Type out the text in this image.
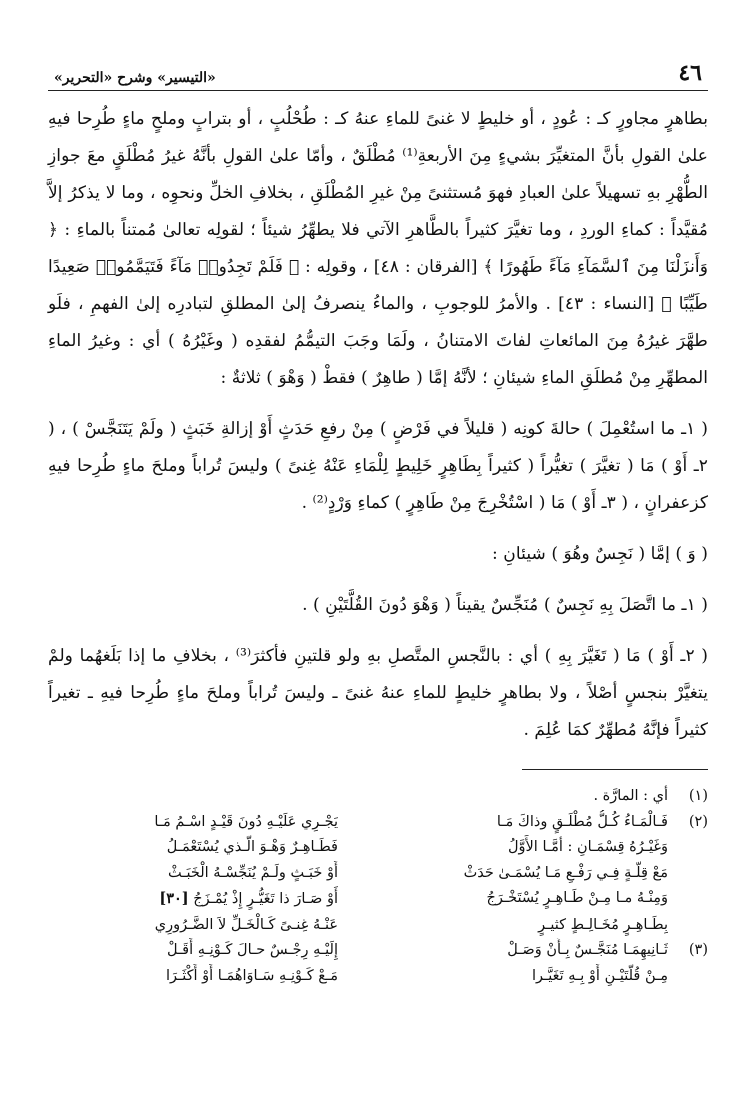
٤٦
«التيسير» وشرح «التحرير»

بطاهرٍ مجاورٍ كـ : عُودٍ ، أو خليطٍ لا غنىً للماءِ عنهُ كـ : طُحْلُبٍ ، أو بترابٍ وملحٍ ماءٍ طُرِحا فيهِ علىٰ القولِ بأنَّ المتغيِّرَ بشيءٍ مِنَ الأربعةِ⁽¹⁾ مُطْلَقٌ ، وأمّا علىٰ القولِ بأنَّهُ غيرُ مُطْلَقٍ معَ جوازِ الطُّهْرِ بهِ تسهيلاً علىٰ العبادِ فهوَ مُستثنىً مِنْ غيرِ المُطْلَقِ ، بخلافِ الخلِّ ونحوِه ، وما لا يذكرُ إلاَّ مُقيَّداً : كماءِ الوردِ ، وما تغيَّرَ كثيراً بالطَّاهرِ الآتي فلا يطهِّرُ شيئاً ؛ لقولِه تعالىٰ مُمتناً بالماءِ : ﴿ وَأَنزَلْنَا مِنَ ٱلسَّمَآءِ مَآءً طَهُورًا ﴾ [الفرقان : ٤٨] ، وقولِه : ﴿ فَلَمْ تَجِدُوا۟ مَآءً فَتَيَمَّمُوا۟ صَعِيدًا طَيِّبًا ﴾ [النساء : ٤٣] . والأمرُ للوجوبِ ، والماءُ ينصرفُ إلىٰ المطلقِ لتبادرِه إلىٰ الفهمِ ، فلَو طهَّرَ غيرُهُ مِنَ المائعاتِ لفاتَ الامتنانُ ، ولَمَا وجَبَ التيمُّمُ لفقدِه ( وغَيْرُهُ ) أي : وغيرُ الماءِ المطهِّرِ مِنْ مُطلَقِ الماءِ شيئانِ ؛ لأنَّهُ إمَّا ( طاهِرٌ ) فقطْ ( وَهْوَ ) ثلاثةٌ :

( ١ـ ما استُعْمِلَ ) حالةَ كونِه ( قليلاً في فَرْضٍ ) مِنْ رفعِ حَدَثٍ أَوْ إزالةِ خَبَثٍ ( ولَمْ يَتَنَجَّسْ ) ، ( ٢ـ أَوْ ) مَا ( تغيَّرَ ) تغيُّراً ( كثيراً بِطَاهِرٍ خَلِيطٍ لِلْمَاءِ عَنْهُ غِنىً ) وليسَ تُراباً وملحَ ماءٍ طُرِحا فيهِ كزعفرانٍ ، ( ٣ـ أَوْ ) مَا ( اسْتُخْرِجَ مِنْ طَاهِرٍ ) كماءِ وَرْدٍ⁽²⁾ .

( وَ ) إمَّا ( نَجِسٌ وهُوَ ) شيئانِ :

( ١ـ ما اتَّصَلَ بِهِ نَجِسٌ ) مُنَجِّسٌ يقيناً ( وَهْوَ دُونَ القُلَّتَيْنِ ) .

( ٢ـ أَوْ ) مَا ( تَغَيَّرَ بِهِ ) أي : بالنَّجسِ المتَّصلِ بهِ ولو قلتينِ فأكثرَ⁽³⁾ ، بخلافِ ما إذا بَلَغهُما ولمْ يتغيَّرْ بنجسٍ أصْلاً ، ولا بطاهرٍ خليطٍ للماءِ عنهُ غنىً ـ وليسَ تُراباً وملحَ ماءٍ طُرِحا فيهِ ـ تغيراً كثيراً فإنَّهُ مُطهِّرٌ كمَا عُلِمَ .

(١)
أي : المارَّة .
(٢)
فَـالْمَـاءُ كُـلُّ مُطْلَـقٍ وذاكَ مَـا
يَجْـرِي عَلَيْـهِ دُونَ قَيْـدٍ اسْـمُ مَـا
وَغَيْـرُهُ قِسْمَـانِ : أمَّـا الأَوَّلُ
فَطَـاهِـرٌ وَهْـوَ الَّـذي يُسْتَعْمَـلُ
مَعْ قِلَّـةٍ فِـي رَفْـعِ مَـا يُسْمَـىٰ حَدَثْ
أَوْ خَبَـثٍ ولَـمْ يُنَجِّسْـهُ الْخَبَـثْ
وَمِنْـهُ مـا مِـنْ طَـاهِـرٍ يُسْتَخْـرَجُ
أَوْ صَـارَ ذا تَغَيُّـرٍ إِذْ يُمْـزَجُ [٣٠]
بِطَـاهِـرٍ مُخَـالِـطٍ كثيـرٍ
عَنْـهُ غِنـىً كَـالْخَـلِّ لاَ الضَّـرُورِي
(٣)
ثَـانِيهِمَـا مُنَجَّـسٌ بِـأَنْ وَصَـلْ
إِلَيْـهِ رِجْـسٌ حـالَ كَـوْنِـهِ أَقَـلْ
مِـنْ قُلَّتَيْـنِ أَوْ بِـهِ تَغَيَّـرا
مَـعْ كَـوْنِـهِ سَـاوَاهُمَـا أَوْ أَكْثَـرَا
